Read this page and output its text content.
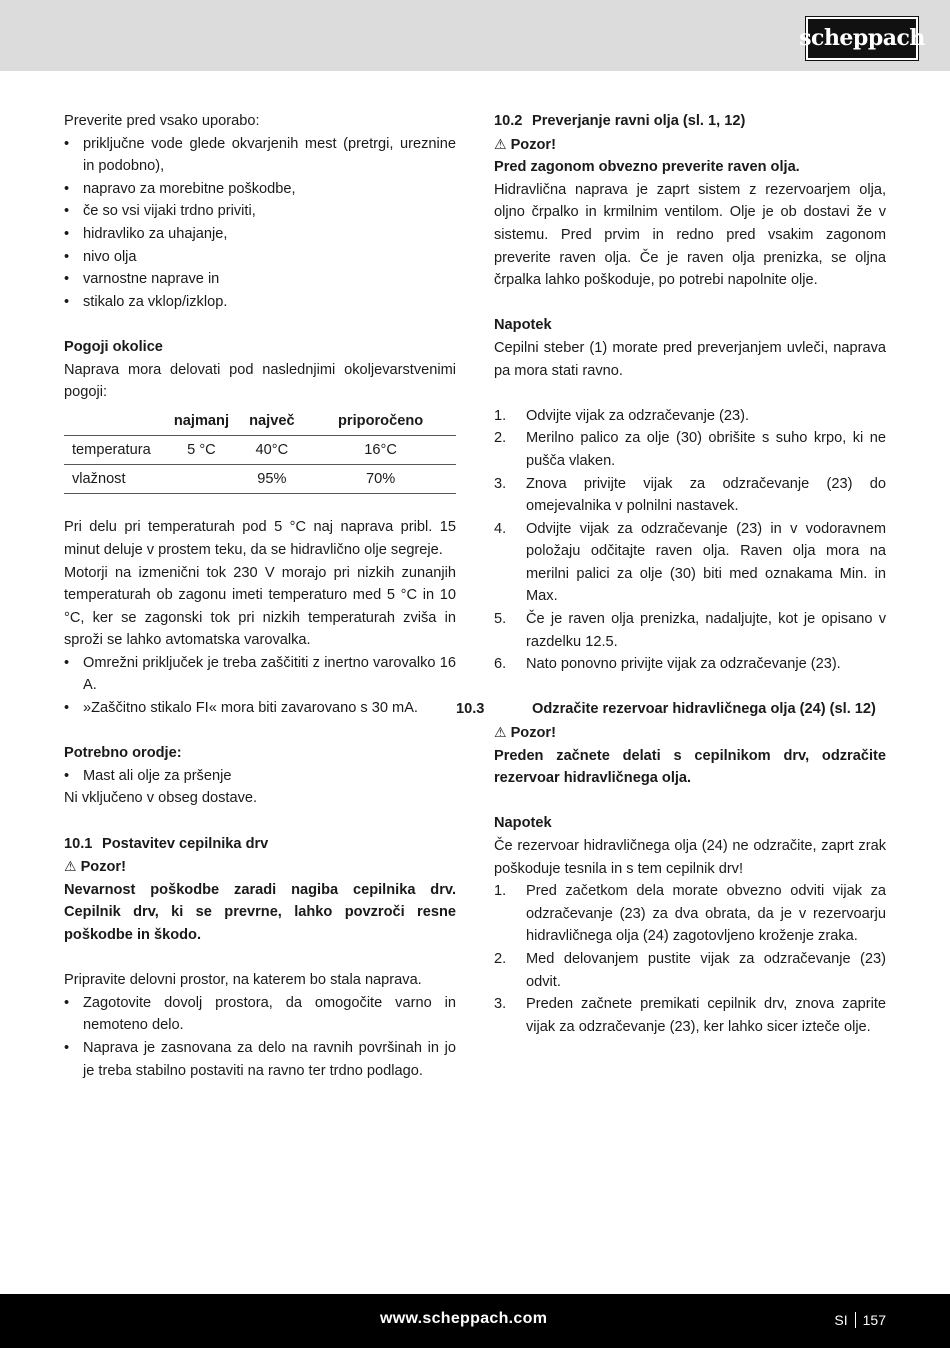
scheppach

Preverite pred vsako uporabo:

• priključne vode glede okvarjenih mest (pretrgi, ureznine in podobno),
• napravo za morebitne poškodbe,
• če so vsi vijaki trdno priviti,
• hidravliko za uhajanje,
• nivo olja
• varnostne naprave in
• stikalo za vklop/izklop.

Pogoji okolice

Naprava mora delovati pod naslednjimi okoljevarstvenimi pogoji:

	najmanj	največ	priporočeno
temperatura	5 °C	40°C	16°C
vlažnost		95%	70%

Pri delu pri temperaturah pod 5 °C naj naprava pribl. 15 minut deluje v prostem teku, da se hidravlično olje segreje.

Motorji na izmenični tok 230 V morajo pri nizkih zunanjih temperaturah ob zagonu imeti temperaturo med 5 °C in 10 °C, ker se zagonski tok pri nizkih temperaturah zviša in sproži se lahko avtomatska varovalka.

• Omrežni priključek je treba zaščititi z inertno varovalko 16 A.
• »Zaščitno stikalo FI« mora biti zavarovano s 30 mA.

Potrebno orodje:

• Mast ali olje za pršenje

Ni vključeno v obseg dostave.

10.1 Postavitev cepilnika drv

⚠ Pozor!

Nevarnost poškodbe zaradi nagiba cepilnika drv. Cepilnik drv, ki se prevrne, lahko povzroči resne poškodbe in škodo.

Pripravite delovni prostor, na katerem bo stala naprava.

• Zagotovite dovolj prostora, da omogočite varno in nemoteno delo.
• Naprava je zasnovana za delo na ravnih površinah in jo je treba stabilno postaviti na ravno ter trdno podlago.

10.2 Preverjanje ravni olja (sl. 1, 12)

⚠ Pozor!

Pred zagonom obvezno preverite raven olja.

Hidravlična naprava je zaprt sistem z rezervoarjem olja, oljno črpalko in krmilnim ventilom. Olje je ob dostavi že v sistemu. Pred prvim in redno pred vsakim zagonom preverite raven olja. Če je raven olja prenizka, se oljna črpalka lahko poškoduje, po potrebi napolnite olje.

Napotek

Cepilni steber (1) morate pred preverjanjem uvleči, naprava pa mora stati ravno.

1. Odvijte vijak za odzračevanje (23).
2. Merilno palico za olje (30) obrišite s suho krpo, ki ne pušča vlaken.
3. Znova privijte vijak za odzračevanje (23) do omejevalnika v polnilni nastavek.
4. Odvijte vijak za odzračevanje (23) in v vodoravnem položaju odčitajte raven olja. Raven olja mora na merilni palici za olje (30) biti med oznakama Min. in Max.
5. Če je raven olja prenizka, nadaljujte, kot je opisano v razdelku 12.5.
6. Nato ponovno privijte vijak za odzračevanje (23).

10.3	Odzračite rezervoar hidravličnega olja (24) (sl. 12)

⚠ Pozor!

Preden začnete delati s cepilnikom drv, odzračite rezervoar hidravličnega olja.

Napotek

Če rezervoar hidravličnega olja (24) ne odzračite, zaprt zrak poškoduje tesnila in s tem cepilnik drv!

1. Pred začetkom dela morate obvezno odviti vijak za odzračevanje (23) za dva obrata, da je v rezervoarju hidravličnega olja (24) zagotovljeno kroženje zraka.
2. Med delovanjem pustite vijak za odzračevanje (23) odvit.
3. Preden začnete premikati cepilnik drv, znova zaprite vijak za odzračevanje (23), ker lahko sicer izteče olje.
www.scheppach.com	SI 157
